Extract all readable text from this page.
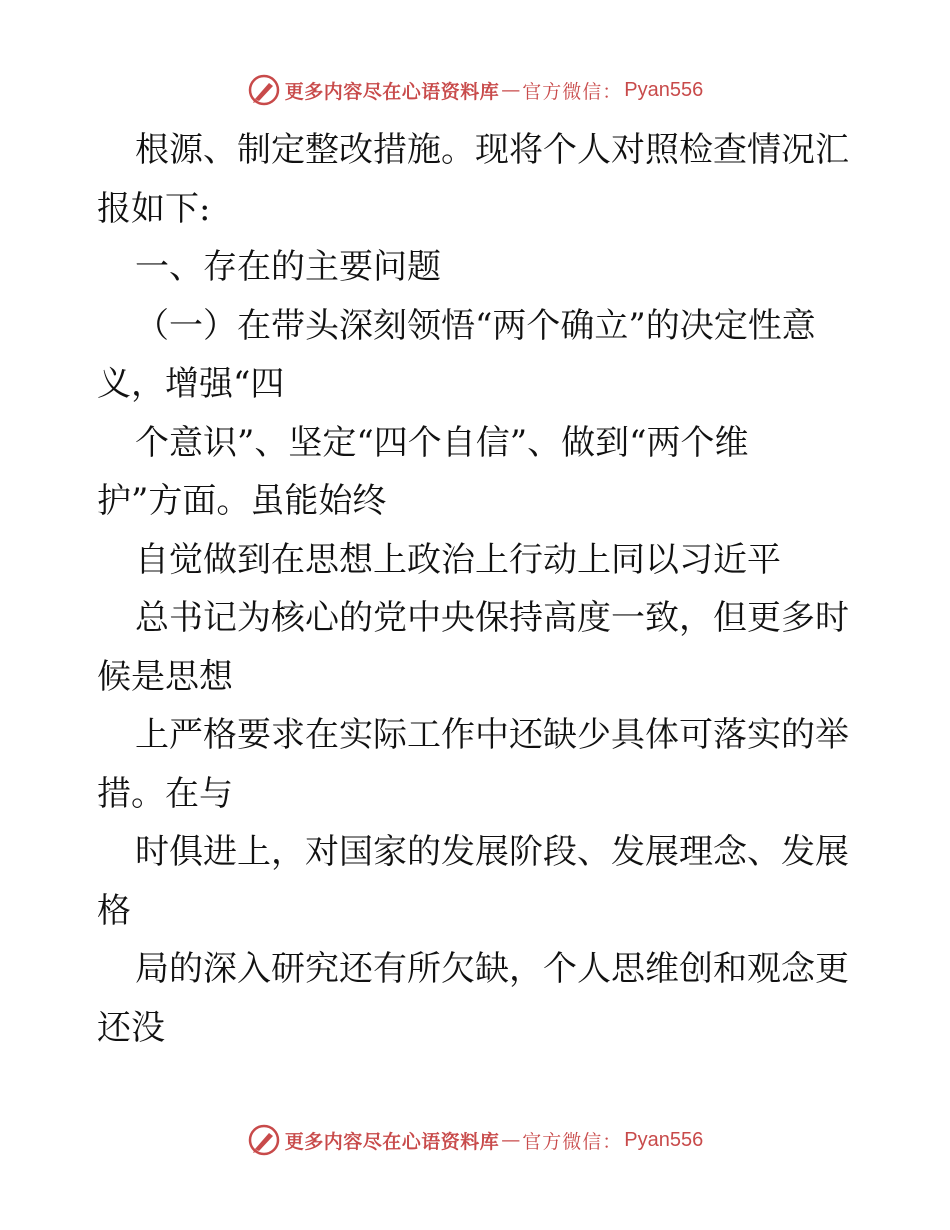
更多内容尽在心语资料库 — 官方微信： Pyan556
根源、制定整改措施。现将个人对照检查情况汇
报如下:
一、存在的主要问题
（一）在带头深刻领悟“两个确立”的决定性意
义，增强“四
个意识”、坚定“四个自信”、做到“两个维
护”方面。虽能始终
自觉做到在思想上政治上行动上同以习近平
总书记为核心的党中央保持高度一致，但更多时
候是思想
上严格要求在实际工作中还缺少具体可落实的举
措。在与
时俱进上，对国家的发展阶段、发展理念、发展
格
局的深入研究还有所欠缺，个人思维创和观念更
还没
更多内容尽在心语资料库 — 官方微信： Pyan556
